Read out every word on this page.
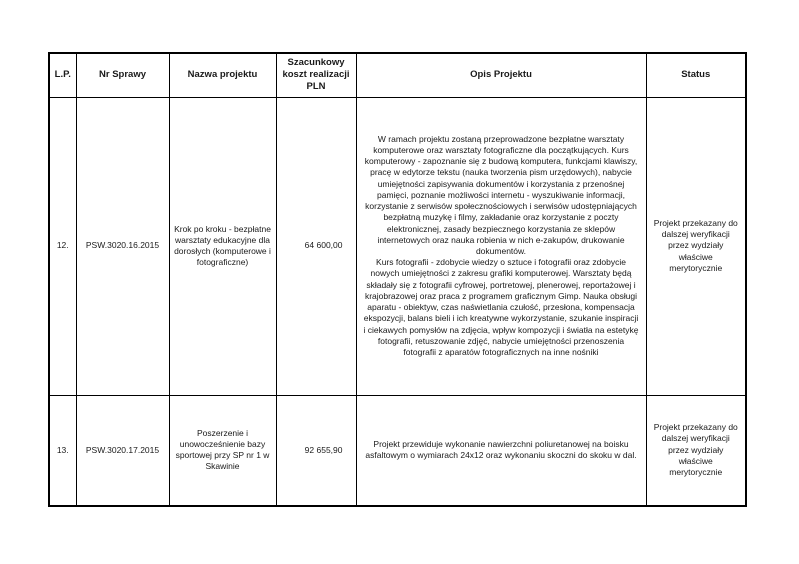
L.P.	Nr Sprawy	Nazwa projektu	Szacunkowy koszt realizacji PLN	Opis Projektu	Status
12.	PSW.3020.16.2015	Krok po kroku - bezpłatne warsztaty edukacyjne dla dorosłych (komputerowe i fotograficzne)	64 600,00	W ramach projektu zostaną przeprowadzone bezpłatne warsztaty komputerowe oraz warsztaty fotograficzne dla początkujących. Kurs komputerowy - zapoznanie się z budową komputera, funkcjami klawiszy, pracę w edytorze tekstu (nauka tworzenia pism urzędowych), nabycie umiejętności zapisywania dokumentów i korzystania z przenośnej pamięci, poznanie możliwości internetu - wyszukiwanie informacji, korzystanie z serwisów społecznościowych i serwisów udostępniających bezpłatną muzykę i filmy, zakładanie oraz korzystanie z poczty elektronicznej, zasady bezpiecznego korzystania ze sklepów internetowych oraz nauka robienia w nich e-zakupów, drukowanie dokumentów.
Kurs fotografii - zdobycie wiedzy o sztuce i fotografii oraz zdobycie nowych umiejętności z zakresu grafiki komputerowej. Warsztaty będą składały się z fotografii cyfrowej, portretowej, plenerowej, reportażowej i krajobrazowej oraz praca z programem graficznym Gimp. Nauka obsługi aparatu - obiektyw, czas naświetlania czułość, przesłona, kompensacja ekspozycji, balans bieli i ich kreatywne wykorzystanie, szukanie inspiracji i ciekawych pomysłów na zdjęcia, wpływ kompozycji i światła na estetykę fotografii, retuszowanie zdjęć, nabycie umiejętności przenoszenia fotografii z aparatów fotograficznych na inne nośniki	Projekt przekazany do dalszej weryfikacji przez wydziały właściwe merytorycznie
13.	PSW.3020.17.2015	Poszerzenie i unowocześnienie bazy sportowej przy SP nr 1 w Skawinie	92 655,90	Projekt przewiduje wykonanie nawierzchni poliuretanowej na boisku asfaltowym o wymiarach 24x12 oraz wykonaniu skoczni do skoku w dal.	Projekt przekazany do dalszej weryfikacji przez wydziały właściwe merytorycznie
